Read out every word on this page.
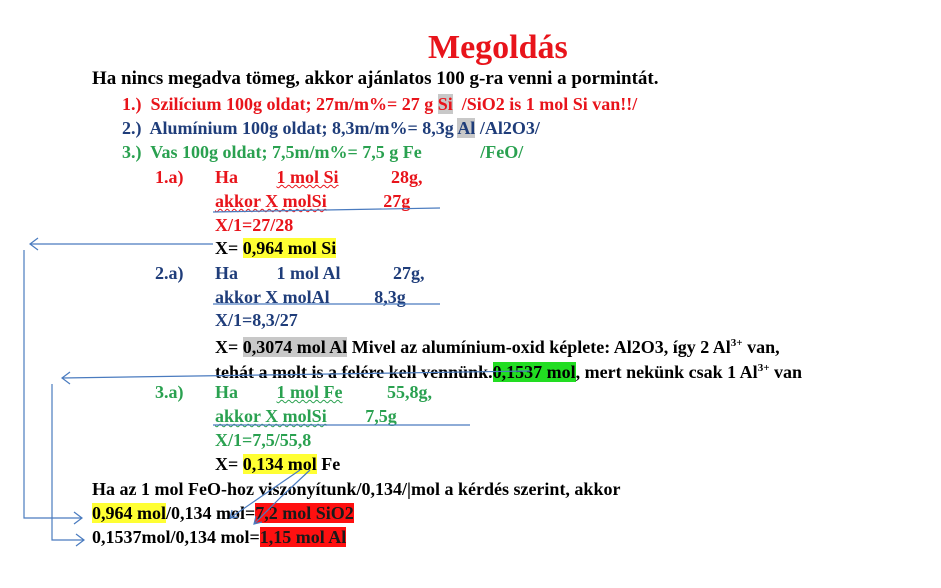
Megoldás
Ha nincs megadva tömeg, akkor ajánlatos 100 g-ra venni a pormintát.
1.) Szilícium 100g oldat; 27m/m%= 27 g Si /SiO2 is 1 mol Si van!!/
2.) Alumínium 100g oldat; 8,3m/m%= 8,3g Al /Al2O3/
3.) Vas 100g oldat; 7,5m/m%= 7,5 g Fe	/FeO/
1.a) Ha 1 mol Si	28g,
akkor X molSi	27g
X/1=27/28
X= 0,964 mol Si
2.a) Ha 1 mol Al	27g,
akkor X molAl 8,3g
X/1=8,3/27
X= 0,3074 mol Al Mivel az alumínium-oxid képlete: Al2O3, így 2 $Al^{3+}$ van,
tehát a molt is a felére kell vennünk.0,1537 mol, mert nekünk csak 1 $Al^{3+}$ van
3.a) Ha 1 mol Fe 55,8g,
akkor X molSi 7,5g
X/1=7,5/55,8
X= 0,134 mol Fe
Ha az 1 mol FeO-hoz viszonyítunk/0,134/|mol a kérdés szerint, akkor
0,964 mol/0,134 mol=7,2 mol SiO2
0,1537mol/0,134 mol=1,15 mol Al
